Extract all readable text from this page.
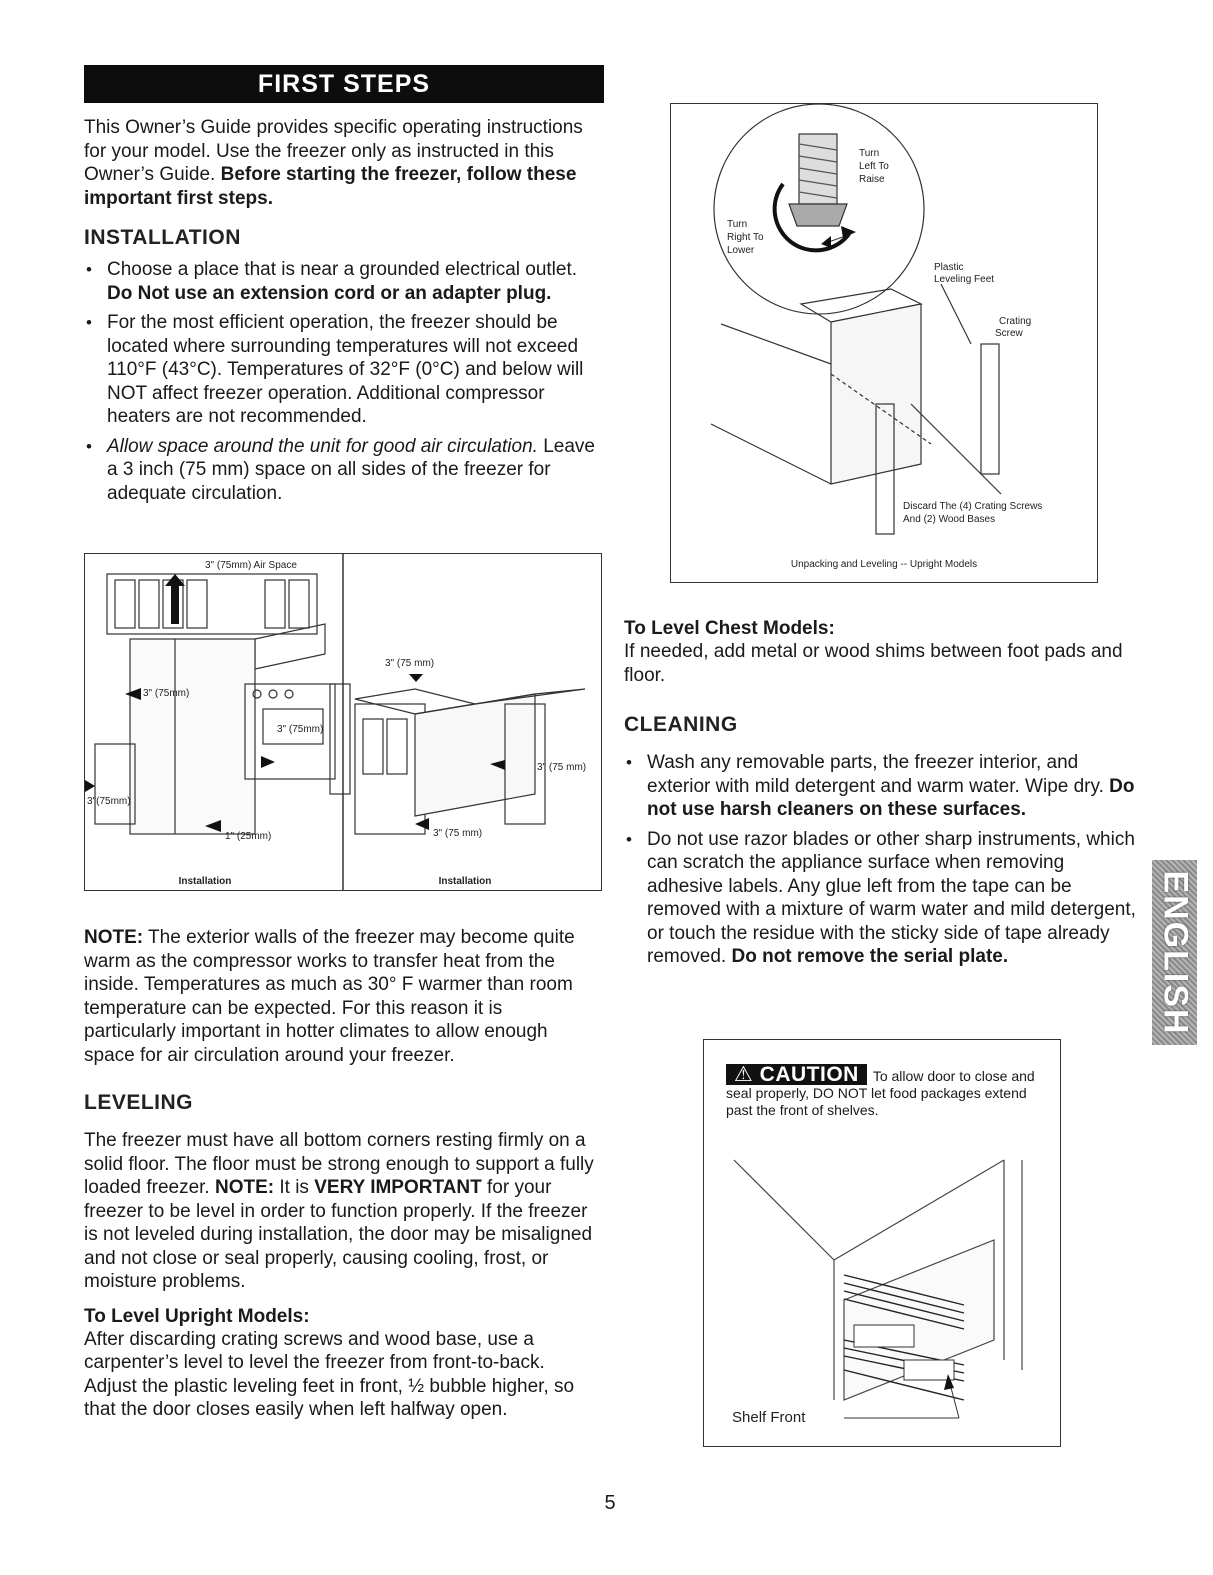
FIRST STEPS

This Owner’s Guide provides specific operating instructions for your model. Use the freezer only as instructed in this Owner’s Guide. Before starting the freezer, follow these important first steps.

INSTALLATION
• Choose a place that is near a grounded electrical outlet. Do Not use an extension cord or an adapter plug.
• For the most efficient operation, the freezer should be located where surrounding temperatures will not exceed 110°F (43°C). Temperatures of 32°F (0°C) and below will NOT affect freezer operation. Additional compressor heaters are not recommended.
• Allow space around the unit for good air circulation. Leave a 3 inch (75 mm) space on all sides of the freezer for adequate circulation.
3" (75mm) Air Space
3" (75mm)
3" (75mm)
3"(75mm)
1" (25mm)
Installation
3" (75 mm)
3" (75 mm)
3" (75 mm)
Installation

NOTE: The exterior walls of the freezer may become quite warm as the compressor works to transfer heat from the inside. Temperatures as much as 30° F warmer than room temperature can be expected. For this reason it is particularly important in hotter climates to allow enough space for air circulation around your freezer.

LEVELING

The freezer must have all bottom corners resting firmly on a solid floor. The floor must be strong enough to support a fully loaded freezer. NOTE: It is VERY IMPORTANT for your freezer to be level in order to function properly. If the freezer is not leveled during installation, the door may be misaligned and not close or seal properly, causing cooling, frost, or moisture problems.

To Level Upright Models:

After discarding crating screws and wood base, use a carpenter’s level to level the freezer from front-to-back. Adjust the plastic leveling feet in front, ½ bubble higher, so that the door closes easily when left halfway open.

Turn
Left To
Raise
Turn
Right To
Lower
Plastic
Leveling Feet
Crating
Screw
Discard The (4) Crating Screws
And (2) Wood Bases
Unpacking and Leveling -- Upright Models
To Level Chest Models:

If needed, add metal or wood shims between foot pads and floor.

CLEANING
• Wash any removable parts, the freezer interior, and exterior with mild detergent and warm water. Wipe dry. Do not use harsh cleaners on these surfaces.
• Do not use razor blades or other sharp instruments, which can scratch the appliance surface when removing adhesive labels. Any glue left from the tape can be removed with a mixture of warm water and mild detergent, or touch the residue with the sticky side of tape already removed. Do not remove the serial plate.
⚠ CAUTION To allow door to close and seal properly, DO NOT let food packages extend past the front of shelves.
Shelf Front
ENGLISH
5
